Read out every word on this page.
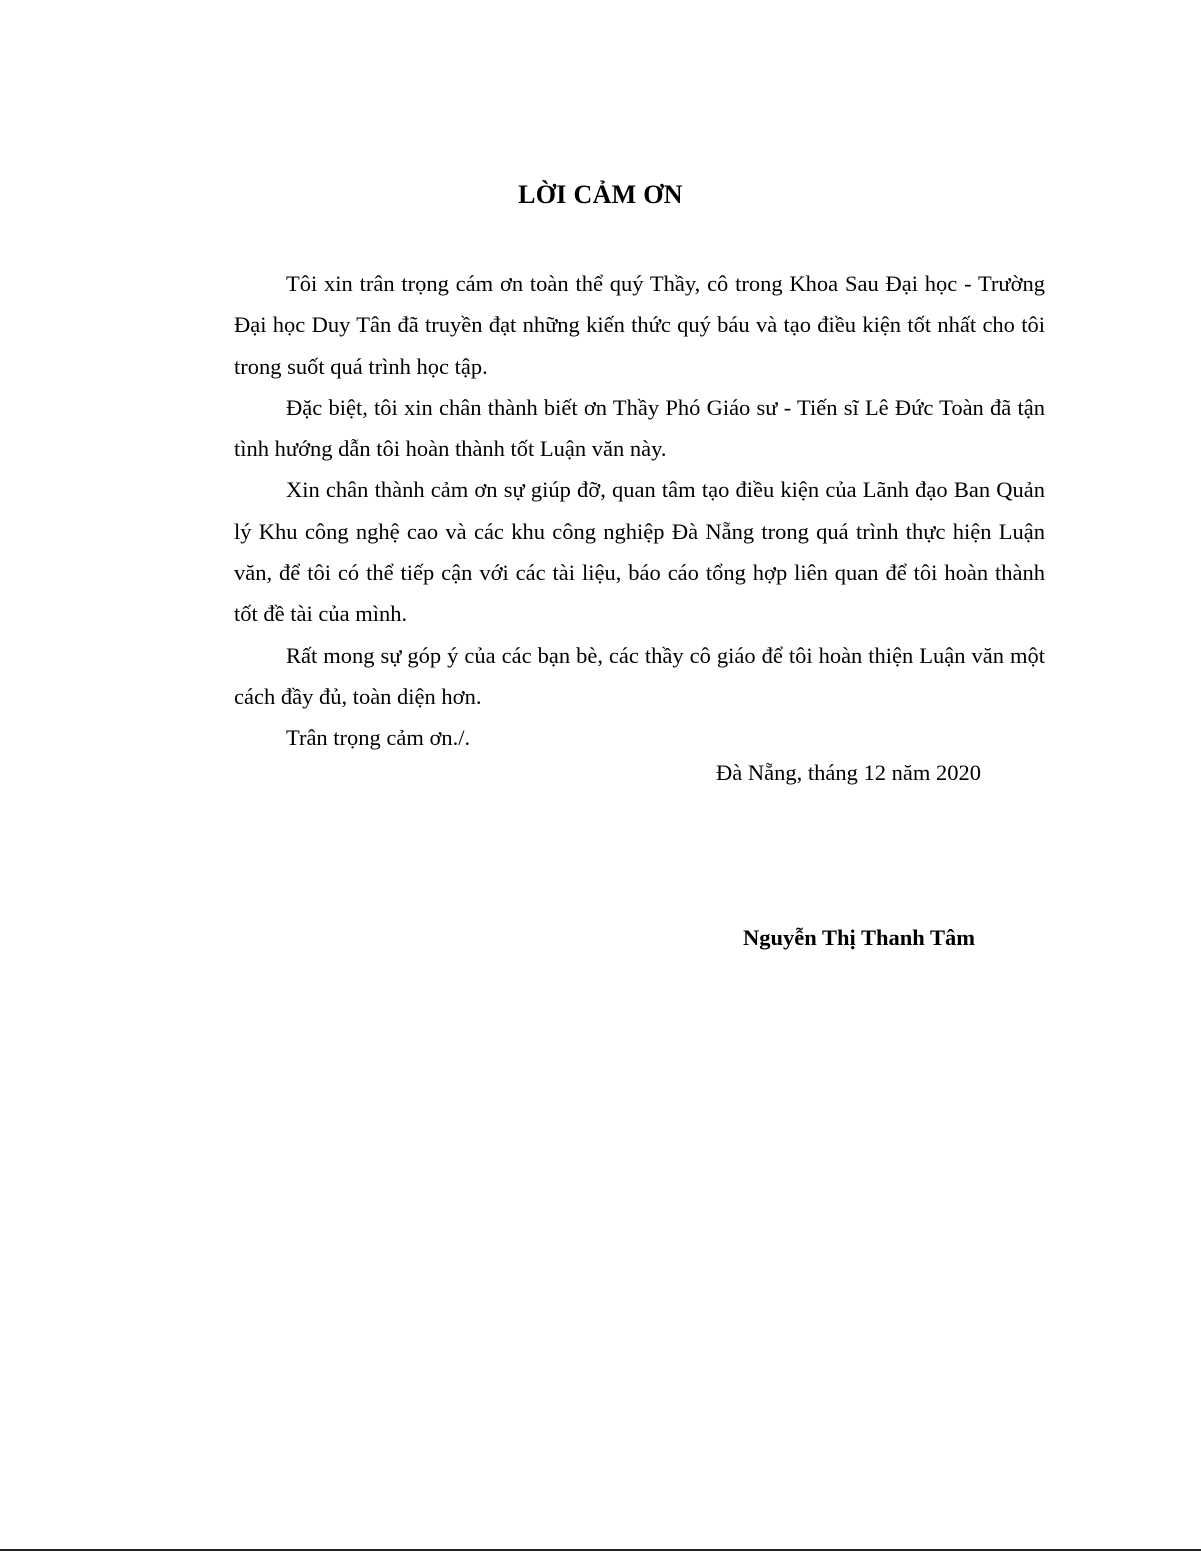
LỜI CẢM ƠN

Tôi xin trân trọng cám ơn toàn thể quý Thầy, cô trong Khoa Sau Đại học - Trường Đại học Duy Tân đã truyền đạt những kiến thức quý báu và tạo điều kiện tốt nhất cho tôi trong suốt quá trình học tập.

Đặc biệt, tôi xin chân thành biết ơn Thầy Phó Giáo sư - Tiến sĩ Lê Đức Toàn đã tận tình hướng dẫn tôi hoàn thành tốt Luận văn này.

Xin chân thành cảm ơn sự giúp đỡ, quan tâm tạo điều kiện của Lãnh đạo Ban Quản lý Khu công nghệ cao và các khu công nghiệp Đà Nẵng trong quá trình thực hiện Luận văn, để tôi có thể tiếp cận với các tài liệu, báo cáo tổng hợp liên quan để tôi hoàn thành tốt đề tài của mình.

Rất mong sự góp ý của các bạn bè, các thầy cô giáo để tôi hoàn thiện Luận văn một cách đầy đủ, toàn diện hơn.

Trân trọng cảm ơn./.

Đà Nẵng, tháng 12 năm 2020
Nguyễn Thị Thanh Tâm
